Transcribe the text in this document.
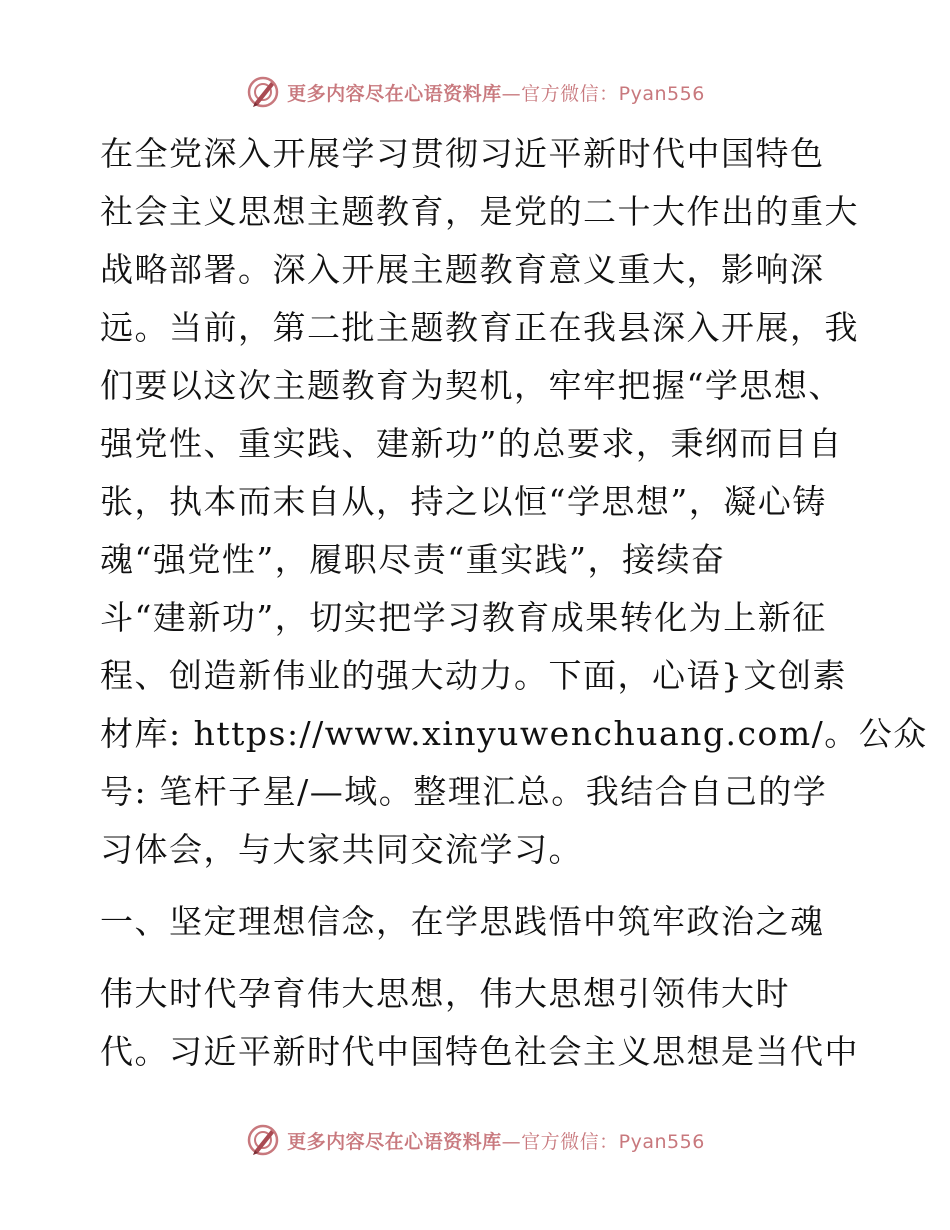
更多内容尽在心语资料库—官方微信：Pyan556
在全党深入开展学习贯彻习近平新时代中国特色
社会主义思想主题教育，是党的二十大作出的重大
战略部署。深入开展主题教育意义重大，影响深
远。当前，第二批主题教育正在我县深入开展，我
们要以这次主题教育为契机，牢牢把握“学思想、
强党性、重实践、建新功”的总要求，秉纲而目自
张，执本而末自从，持之以恒“学思想”，凝心铸
魂“强党性”，履职尽责“重实践”，接续奋
斗“建新功”，切实把学习教育成果转化为上新征
程、创造新伟业的强大动力。下面，心语}文创素
材库: https://www.xinyuwenchuang.com/。公众
号: 笔杆子星/—域。整理汇总。我结合自己的学
习体会，与大家共同交流学习。
一、坚定理想信念，在学思践悟中筑牢政治之魂
伟大时代孕育伟大思想，伟大思想引领伟大时
代。习近平新时代中国特色社会主义思想是当代中
更多内容尽在心语资料库—官方微信：Pyan556
